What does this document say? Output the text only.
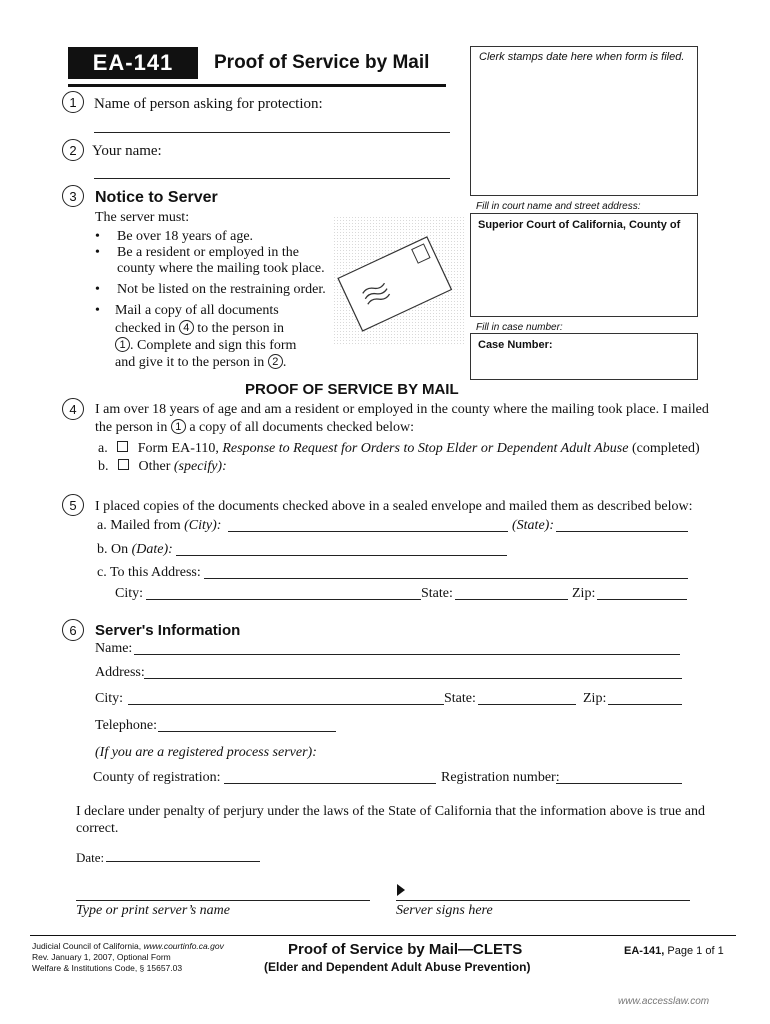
EA-141	Proof of Service by Mail	Clerk stamps date here when form is filed.
Fill in court name and street address:
Superior Court of California, County of
Fill in case number:
Case Number:
1	Name of person asking for protection:
2	Your name:
3	Notice to Server
The server must:
• Be over 18 years of age.
• Be a resident or employed in the
county where the mailing took place.
• Not be listed on the restraining order.
• Mail a copy of all documents
checked in 4 to the person in
1 . Complete and sign this form
and give it to the person in 2 .
PROOF OF SERVICE BY MAIL
4	I am over 18 years of age and am a resident or employed in the county where the mailing took place. I mailed
the person in 1 a copy of all documents checked below:
a. Form EA-110, Response to Request for Orders to Stop Elder or Dependent Adult Abuse (completed)
b. Other (specify):
5	I placed copies of the documents checked above in a sealed envelope and mailed them as described below:
a. Mailed from (City):	(State):
b. On (Date):
c. To this Address:
City:	State:	Zip:
6	Server's Information
Name:
Address:
City:	State:	Zip:
Telephone:
(If you are a registered process server):
County of registration:	Registration number:
I declare under penalty of perjury under the laws of the State of California that the information above is true and
correct.
Date:
Type or print server’s name	Server signs here
Judicial Council of California, www.courtinfo.ca.gov
Rev. January 1, 2007, Optional Form
Welfare & Institutions Code, § 15657.03
Proof of Service by Mail—CLETS
(Elder and Dependent Adult Abuse Prevention)
EA-141, Page 1 of 1
www.accesslaw.com
